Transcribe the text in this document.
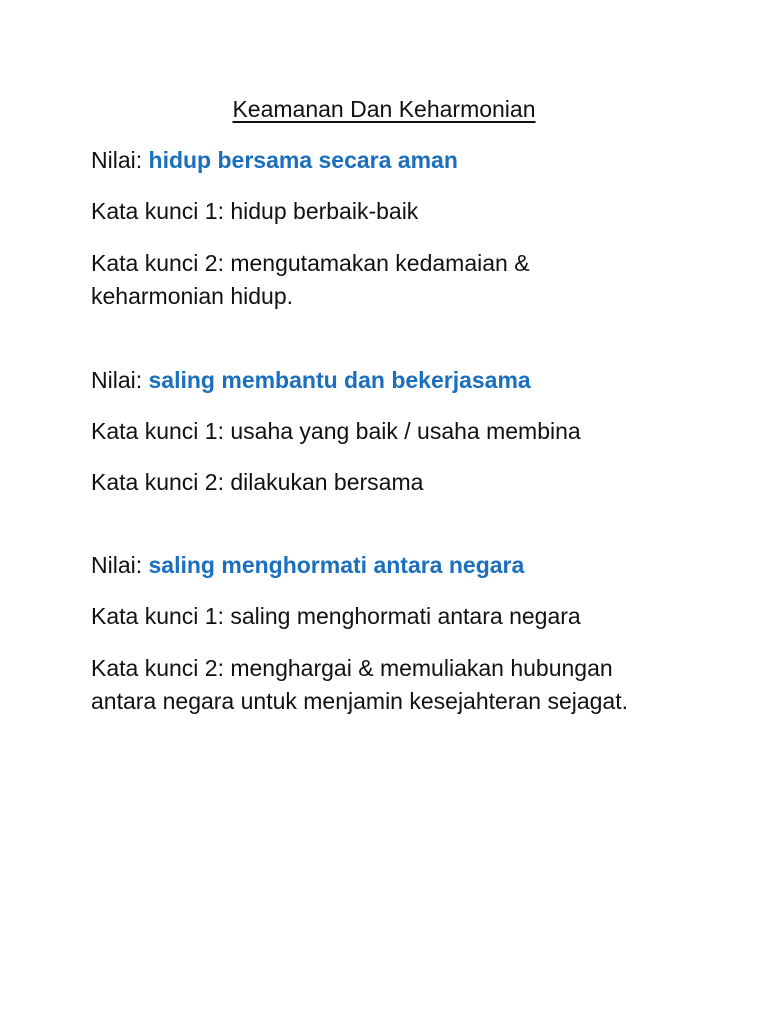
Keamanan Dan Keharmonian
Nilai: hidup bersama secara aman
Kata kunci 1: hidup berbaik-baik
Kata kunci 2: mengutamakan kedamaian & keharmonian hidup.
Nilai: saling membantu dan bekerjasama
Kata kunci 1: usaha yang baik / usaha membina
Kata kunci 2: dilakukan bersama
Nilai: saling menghormati antara negara
Kata kunci 1: saling menghormati antara negara
Kata kunci 2: menghargai & memuliakan hubungan antara negara untuk menjamin kesejahteran sejagat.
